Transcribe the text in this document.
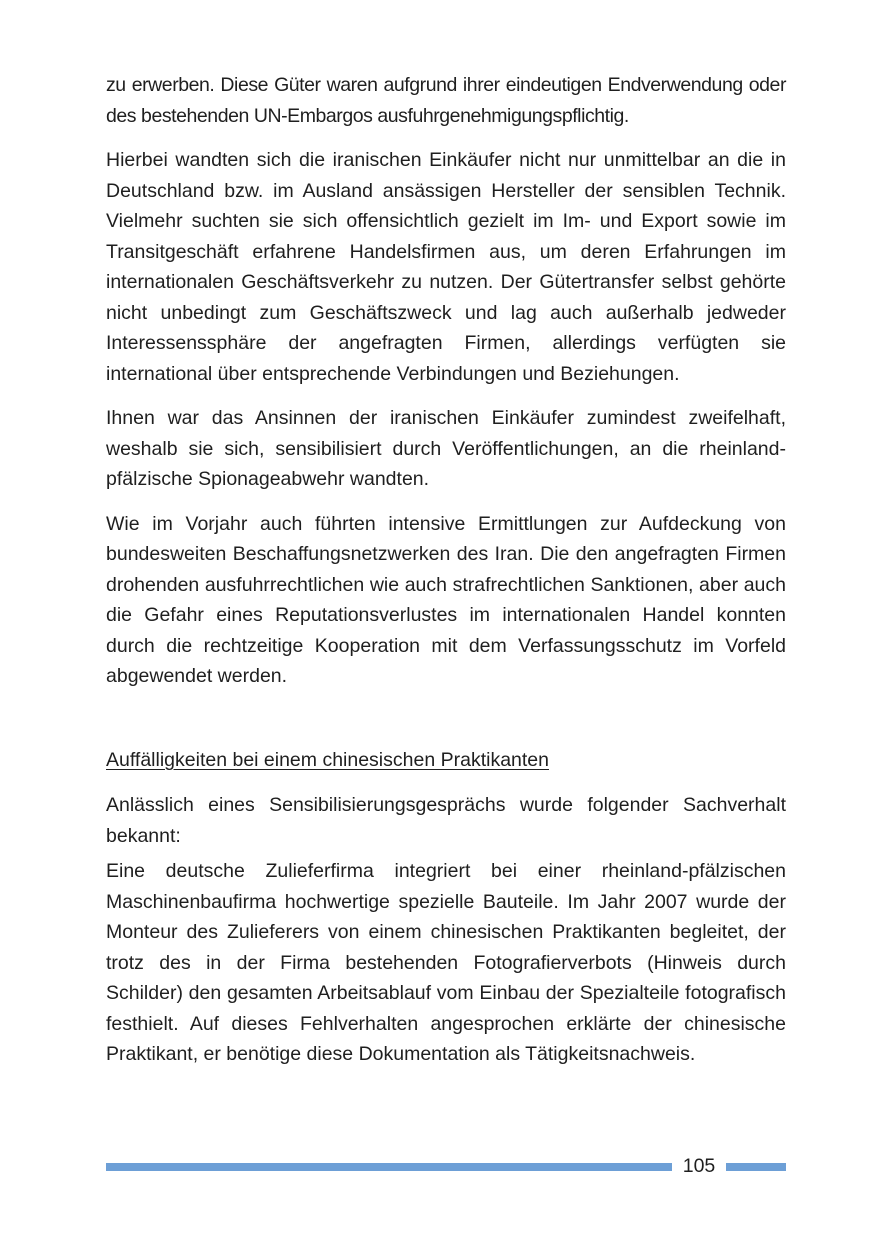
zu erwerben. Diese Güter waren aufgrund ihrer eindeutigen Endverwendung oder des bestehenden UN-Embargos ausfuhrgenehmigungspflichtig.

Hierbei wandten sich die iranischen Einkäufer nicht nur unmittelbar an die in Deutschland bzw. im Ausland ansässigen Hersteller der sensiblen Technik. Vielmehr suchten sie sich offensichtlich gezielt im Im- und Export sowie im Transitgeschäft erfahrene Handelsfirmen aus, um deren Erfahrungen im internationalen Geschäftsverkehr zu nutzen. Der Gütertransfer selbst gehörte nicht unbedingt zum Geschäftszweck und lag auch außerhalb jedweder Interessenssphäre der angefragten Firmen, allerdings verfügten sie international über entsprechende Verbindungen und Beziehungen.

Ihnen war das Ansinnen der iranischen Einkäufer zumindest zweifelhaft, weshalb sie sich, sensibilisiert durch Veröffentlichungen, an die rheinlandpfälzische Spionageabwehr wandten.

Wie im Vorjahr auch führten intensive Ermittlungen zur Aufdeckung von bundesweiten Beschaffungsnetzwerken des Iran. Die den angefragten Firmen drohenden ausfuhrrechtlichen wie auch strafrechtlichen Sanktionen, aber auch die Gefahr eines Reputationsverlustes im internationalen Handel konnten durch die rechtzeitige Kooperation mit dem Verfassungsschutz im Vorfeld abgewendet werden.

Auffälligkeiten bei einem chinesischen Praktikanten

Anlässlich eines Sensibilisierungsgesprächs wurde folgender Sachverhalt bekannt:

Eine deutsche Zulieferfirma integriert bei einer rheinland-pfälzischen Maschinenbaufirma hochwertige spezielle Bauteile. Im Jahr 2007 wurde der Monteur des Zulieferers von einem chinesischen Praktikanten begleitet, der trotz des in der Firma bestehenden Fotografierverbots (Hinweis durch Schilder) den gesamten Arbeitsablauf vom Einbau der Spezialteile fotografisch festhielt. Auf dieses Fehlverhalten angesprochen erklärte der chinesische Praktikant, er benötige diese Dokumentation als Tätigkeitsnachweis.

105
